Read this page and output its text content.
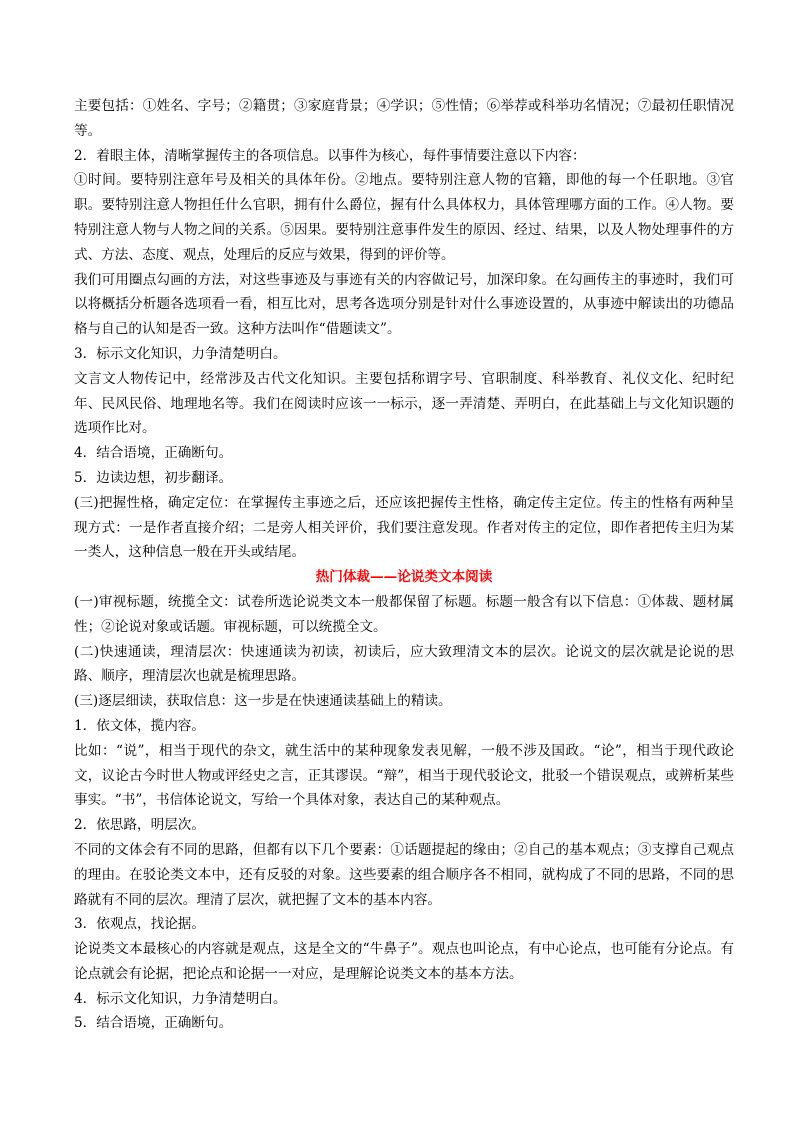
主要包括：①姓名、字号；②籍贯；③家庭背景；④学识；⑤性情；⑥举荐或科举功名情况；⑦最初任职情况等。

2．着眼主体，清晰掌握传主的各项信息。以事件为核心，每件事情要注意以下内容：

①时间。要特别注意年号及相关的具体年份。②地点。要特别注意人物的官籍，即他的每一个任职地。③官职。要特别注意人物担任什么官职，拥有什么爵位，握有什么具体权力，具体管理哪方面的工作。④人物。要特别注意人物与人物之间的关系。⑤因果。要特别注意事件发生的原因、经过、结果，以及人物处理事件的方式、方法、态度、观点，处理后的反应与效果，得到的评价等。

我们可用圈点勾画的方法，对这些事迹及与事迹有关的内容做记号，加深印象。在勾画传主的事迹时，我们可以将概括分析题各选项看一看，相互比对，思考各选项分别是针对什么事迹设置的，从事迹中解读出的功德品格与自己的认知是否一致。这种方法叫作“借题读文”。

3．标示文化知识，力争清楚明白。

文言文人物传记中，经常涉及古代文化知识。主要包括称谓字号、官职制度、科举教育、礼仪文化、纪时纪年、民风民俗、地理地名等。我们在阅读时应该一一标示，逐一弄清楚、弄明白，在此基础上与文化知识题的选项作比对。

4．结合语境，正确断句。

5．边读边想，初步翻译。

(三)把握性格，确定定位：在掌握传主事迹之后，还应该把握传主性格，确定传主定位。传主的性格有两种呈现方式：一是作者直接介绍；二是旁人相关评价，我们要注意发现。作者对传主的定位，即作者把传主归为某一类人，这种信息一般在开头或结尾。

热门体裁——论说类文本阅读

(一)审视标题，统揽全文：试卷所选论说类文本一般都保留了标题。标题一般含有以下信息：①体裁、题材属性；②论说对象或话题。审视标题，可以统揽全文。

(二)快速通读，理清层次：快速通读为初读，初读后，应大致理清文本的层次。论说文的层次就是论说的思路、顺序，理清层次也就是梳理思路。

(三)逐层细读，获取信息：这一步是在快速通读基础上的精读。

1．依文体，揽内容。

比如：“说”，相当于现代的杂文，就生活中的某种现象发表见解，一般不涉及国政。“论”，相当于现代政论文，议论古今时世人物或评经史之言，正其谬误。“辩”，相当于现代驳论文，批驳一个错误观点，或辨析某些事实。“书”，书信体论说文，写给一个具体对象，表达自己的某种观点。

2．依思路，明层次。

不同的文体会有不同的思路，但都有以下几个要素：①话题提起的缘由；②自己的基本观点；③支撑自己观点的理由。在驳论类文本中，还有反驳的对象。这些要素的组合顺序各不相同，就构成了不同的思路，不同的思路就有不同的层次。理清了层次，就把握了文本的基本内容。

3．依观点，找论据。

论说类文本最核心的内容就是观点，这是全文的“牛鼻子”。观点也叫论点，有中心论点，也可能有分论点。有论点就会有论据，把论点和论据一一对应，是理解论说类文本的基本方法。

4．标示文化知识，力争清楚明白。

5．结合语境，正确断句。
